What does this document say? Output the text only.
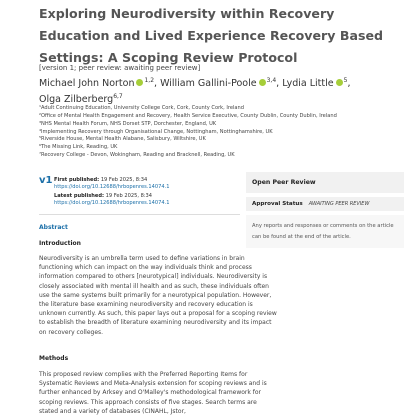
Exploring Neurodiversity within Recovery Education and Lived Experience Recovery Based Settings: A Scoping Review Protocol
[version 1; peer review: awaiting peer review]
Michael John Norton $^{1,2}$, William Gallini-Poole $^{3,4}$, Lydia Little $^5$,
Olga Zilberberg$^{6,7}$
¹Adult Continuing Education, University College Cork, Cork, County Cork, Ireland
²Office of Mental Health Engagement and Recovery, Health Service Executive, County Dublin, County Dublin, Ireland
³NHS Mental Health Forum, NHS Dorset STP, Dorchester, England, UK
⁴Implementing Recovery through Organisational Change, Nottingham, Nottinghamshire, UK
⁵Riverside House, Mental Health Alabane, Salisbury, Wiltshire, UK
⁶The Missing Link, Reading, UK
⁷Recovery College - Devon, Wokingham, Reading and Bracknell, Reading, UK
v1 First published: 19 Feb 2025, 8:34
https://doi.org/10.12688/hrbopenres.14074.1
Latest published: 19 Feb 2025, 8:34
https://doi.org/10.12688/hrbopenres.14074.1
Abstract
Introduction
Neurodiversity is an umbrella term used to define variations in brain functioning which can impact on the way individuals think and process information compared to others [neurotypical] individuals. Neurodiversity is closely associated with mental ill health and as such, these individuals often use the same systems built primarily for a neurotypical population. However, the literature base examining neurodiversity and recovery education is unknown currently. As such, this paper lays out a proposal for a scoping review to establish the breadth of literature examining neurodiversity and its impact on recovery colleges.
Methods
This proposed review complies with the Preferred Reporting Items for Systematic Reviews and Meta-Analysis extension for scoping reviews and is further enhanced by Arksey and O'Malley's methodological framework for scoping reviews. This approach consists of five stages. Search terms are stated and a variety of databases (CINAHL, Jstor,
Open Peer Review
Approval Status AWAITING PEER REVIEW
Any reports and responses or comments on the article can be found at the end of the article.
